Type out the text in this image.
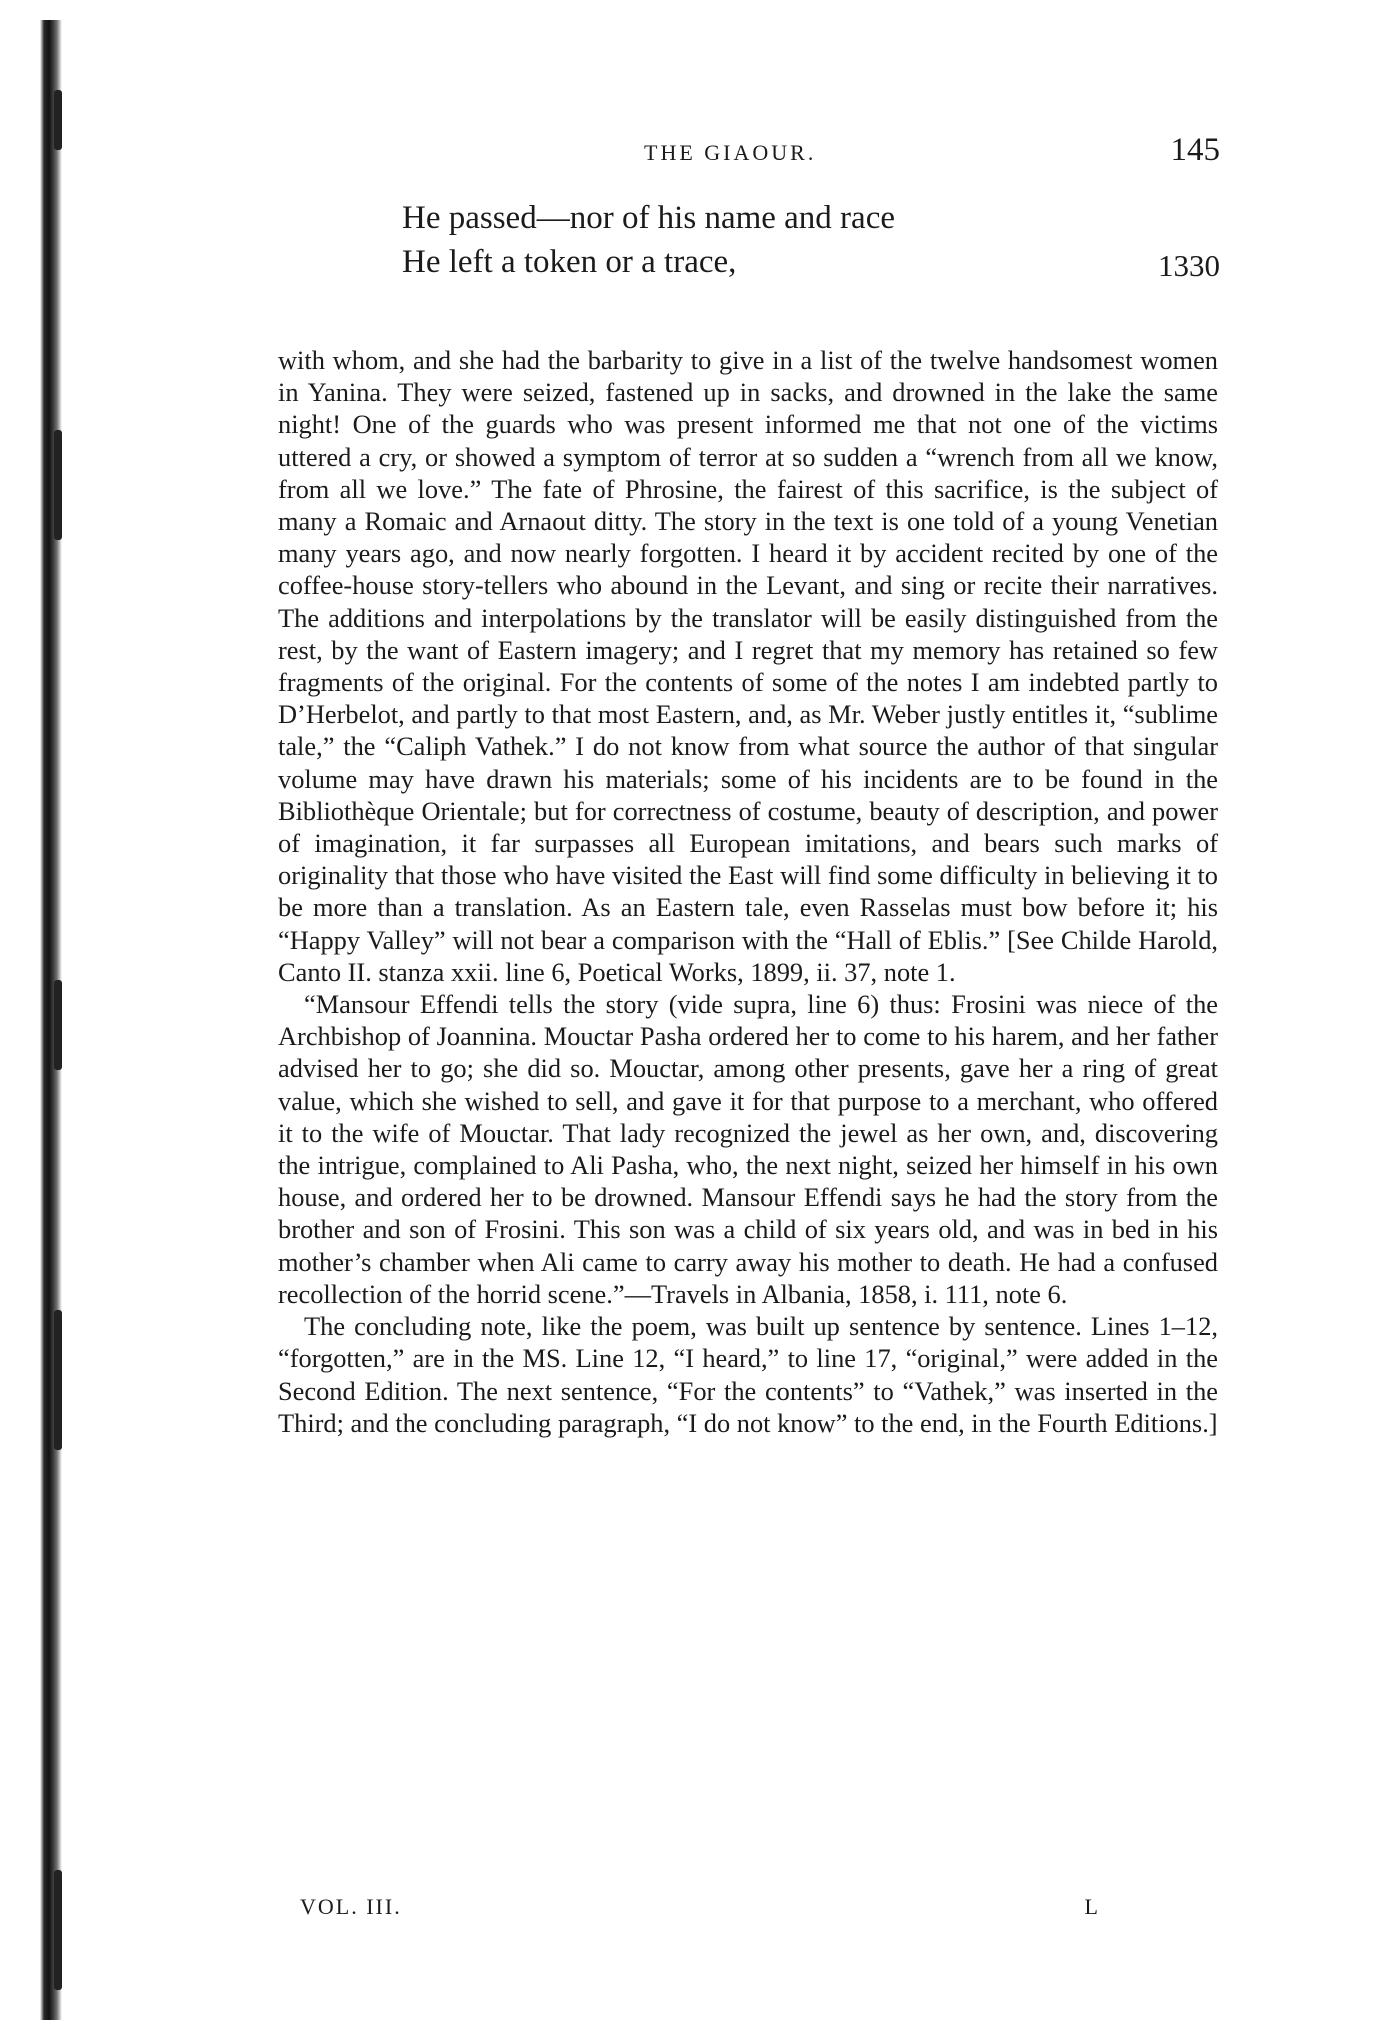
THE GIAOUR.	145
He passed—nor of his name and race
He left a token or a trace,	1330

with whom, and she had the barbarity to give in a list of the twelve handsomest women in Yanina. They were seized, fastened up in sacks, and drowned in the lake the same night! One of the guards who was present informed me that not one of the victims uttered a cry, or showed a symptom of terror at so sudden a “wrench from all we know, from all we love.” The fate of Phrosine, the fairest of this sacrifice, is the subject of many a Romaic and Arnaout ditty. The story in the text is one told of a young Venetian many years ago, and now nearly forgotten. I heard it by accident recited by one of the coffee-house story-tellers who abound in the Levant, and sing or recite their narratives. The additions and interpolations by the translator will be easily distinguished from the rest, by the want of Eastern imagery; and I regret that my memory has retained so few fragments of the original. For the contents of some of the notes I am indebted partly to D’Herbelot, and partly to that most Eastern, and, as Mr. Weber justly entitles it, “sublime tale,” the “Caliph Vathek.” I do not know from what source the author of that singular volume may have drawn his materials; some of his incidents are to be found in the Bibliothèque Orientale; but for correctness of costume, beauty of description, and power of imagination, it far surpasses all European imitations, and bears such marks of originality that those who have visited the East will find some difficulty in believing it to be more than a translation. As an Eastern tale, even Rasselas must bow before it; his “Happy Valley” will not bear a comparison with the “Hall of Eblis.” [See Childe Harold, Canto II. stanza xxii. line 6, Poetical Works, 1899, ii. 37, note 1.

“Mansour Effendi tells the story (vide supra, line 6) thus: Frosini was niece of the Archbishop of Joannina. Mouctar Pasha ordered her to come to his harem, and her father advised her to go; she did so. Mouctar, among other presents, gave her a ring of great value, which she wished to sell, and gave it for that purpose to a merchant, who offered it to the wife of Mouctar. That lady recognized the jewel as her own, and, discovering the intrigue, complained to Ali Pasha, who, the next night, seized her himself in his own house, and ordered her to be drowned. Mansour Effendi says he had the story from the brother and son of Frosini. This son was a child of six years old, and was in bed in his mother’s chamber when Ali came to carry away his mother to death. He had a confused recollection of the horrid scene.”—Travels in Albania, 1858, i. 111, note 6.

The concluding note, like the poem, was built up sentence by sentence. Lines 1–12, “forgotten,” are in the MS. Line 12, “I heard,” to line 17, “original,” were added in the Second Edition. The next sentence, “For the contents” to “Vathek,” was inserted in the Third; and the concluding paragraph, “I do not know” to the end, in the Fourth Editions.]

VOL. III.	L
